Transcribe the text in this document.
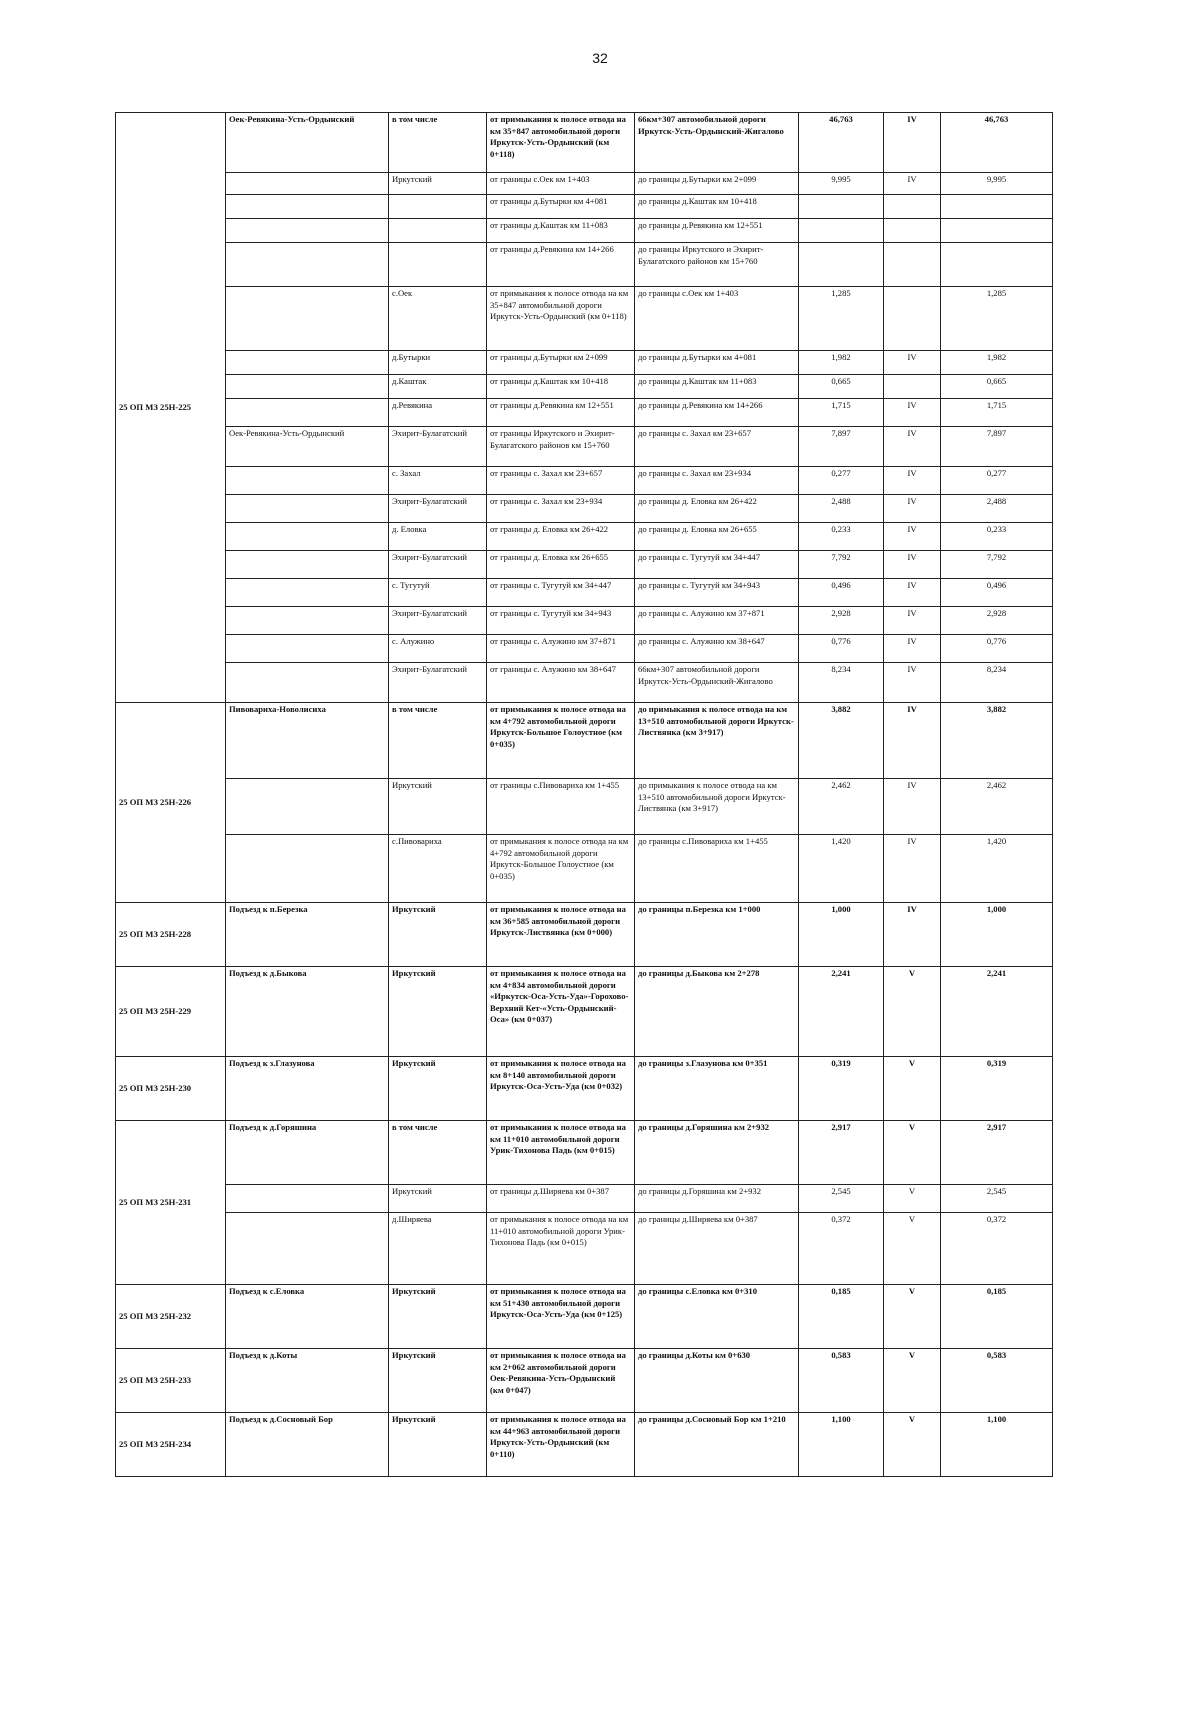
32
25 ОП МЗ 25Н-225	Оек-Ревякина-Усть-Ордынский	в том числе	от примыкания к полосе отвода на км 35+847 автомобильной дороги Иркутск-Усть-Ордынский (км 0+118)	66км+307 автомобильной дороги Иркутск-Усть-Ордынский-Жигалово	46,763	IV	46,763
		Иркутский	от границы с.Оек км 1+403	до границы д.Бутырки км 2+099	9,995	IV	9,995
			от границы д.Бутырки км 4+081	до границы д.Каштак км 10+418			
			от границы д.Каштак км 11+083	до границы д.Ревякина км 12+551			
			от границы д.Ревякина км 14+266	до границы Иркутского и Эхирит-Булагатского районов км 15+760			
		с.Оек	от примыкания к полосе отвода на км 35+847 автомобильной дороги Иркутск-Усть-Ордынский (км 0+118)	до границы с.Оек км 1+403	1,285		1,285
		д.Бутырки	от границы д.Бутырки км 2+099	до границы д.Бутырки км 4+081	1,982	IV	1,982
		д.Каштак	от границы д.Каштак км 10+418	до границы д.Каштак км 11+083	0,665		0,665
		д.Ревякина	от границы д.Ревякина км 12+551	до границы д.Ревякина км 14+266	1,715	IV	1,715
	Оек-Ревякина-Усть-Ордынский	Эхирит-Булагатский	от границы Иркутского и Эхирит-Булагатского районов км 15+760	до границы с. Захал км 23+657	7,897	IV	7,897
		с. Захал	от границы с. Захал км 23+657	до границы с. Захал км 23+934	0,277	IV	0,277
		Эхирит-Булагатский	от границы с. Захал км 23+934	до границы д. Еловка км 26+422	2,488	IV	2,488
		д. Еловка	от границы д. Еловка км 26+422	до границы д. Еловка км 26+655	0,233	IV	0,233
		Эхирит-Булагатский	от границы д. Еловка км 26+655	до границы с. Тугутуй км 34+447	7,792	IV	7,792
		с. Тугутуй	от границы с. Тугутуй км 34+447	до границы с. Тугутуй км 34+943	0,496	IV	0,496
		Эхирит-Булагатский	от границы с. Тугутуй км 34+943	до границы с. Алужино км 37+871	2,928	IV	2,928
		с. Алужино	от границы с. Алужино км 37+871	до границы с. Алужино км 38+647	0,776	IV	0,776
		Эхирит-Булагатский	от границы с. Алужино км 38+647	66км+307 автомобильной дороги Иркутск-Усть-Ордынский-Жигалово	8,234	IV	8,234
25 ОП МЗ 25Н-226	Пивовариха-Новолисиха	в том числе	от примыкания к полосе отвода на км 4+792 автомобильной дороги Иркутск-Большое Голоустное (км 0+035)	до примыкания к полосе отвода на км 13+510 автомобильной дороги Иркутск-Листвянка (км 3+917)	3,882	IV	3,882
		Иркутский	от границы с.Пивовариха км 1+455	до примыкания к полосе отвода на км 13+510 автомобильной дороги Иркутск-Листвянка (км 3+917)	2,462	IV	2,462
		с.Пивовариха	от примыкания к полосе отвода на км 4+792 автомобильной дороги Иркутск-Большое Голоустное (км 0+035)	до границы с.Пивовариха км 1+455	1,420	IV	1,420
25 ОП МЗ 25Н-228	Подъезд к п.Березка	Иркутский	от примыкания к полосе отвода на км 36+585 автомобильной дороги Иркутск-Листвянка (км 0+000)	до границы п.Березка км 1+000	1,000	IV	1,000
25 ОП МЗ 25Н-229	Подъезд к д.Быкова	Иркутский	от примыкания к полосе отвода на км 4+834 автомобильной дороги «Иркутск-Оса-Усть-Уда»-Горохово-Верхний Кет-«Усть-Ордынский-Оса» (км 0+037)	до границы д.Быкова км 2+278	2,241	V	2,241
25 ОП МЗ 25Н-230	Подъезд к з.Глазунова	Иркутский	от примыкания к полосе отвода на км 8+140 автомобильной дороги Иркутск-Оса-Усть-Уда (км 0+032)	до границы з.Глазунова км 0+351	0,319	V	0,319
25 ОП МЗ 25Н-231	Подъезд к д.Горяшина	в том числе	от примыкания к полосе отвода на км 11+010 автомобильной дороги Урик-Тихонова Падь (км 0+015)	до границы д.Горяшина км 2+932	2,917	V	2,917
		Иркутский	от границы д.Ширяева км 0+387	до границы д.Горяшина км 2+932	2,545	V	2,545
		д.Ширяева	от примыкания к полосе отвода на км 11+010 автомобильной дороги Урик-Тихонова Падь (км 0+015)	до границы д.Ширяева км 0+387	0,372	V	0,372
25 ОП МЗ 25Н-232	Подъезд к с.Еловка	Иркутский	от примыкания к полосе отвода на км 51+430 автомобильной дороги Иркутск-Оса-Усть-Уда (км 0+125)	до границы с.Еловка км 0+310	0,185	V	0,185
25 ОП МЗ 25Н-233	Подъезд к д.Коты	Иркутский	от примыкания к полосе отвода на км 2+062 автомобильной дороги Оек-Ревякина-Усть-Ордынский (км 0+047)	до границы д.Коты км 0+630	0,583	V	0,583
25 ОП МЗ 25Н-234	Подъезд к д.Сосновый Бор	Иркутский	от примыкания к полосе отвода на км 44+963 автомобильной дороги Иркутск-Усть-Ордынский (км 0+110)	до границы д.Сосновый Бор км 1+210	1,100	V	1,100
